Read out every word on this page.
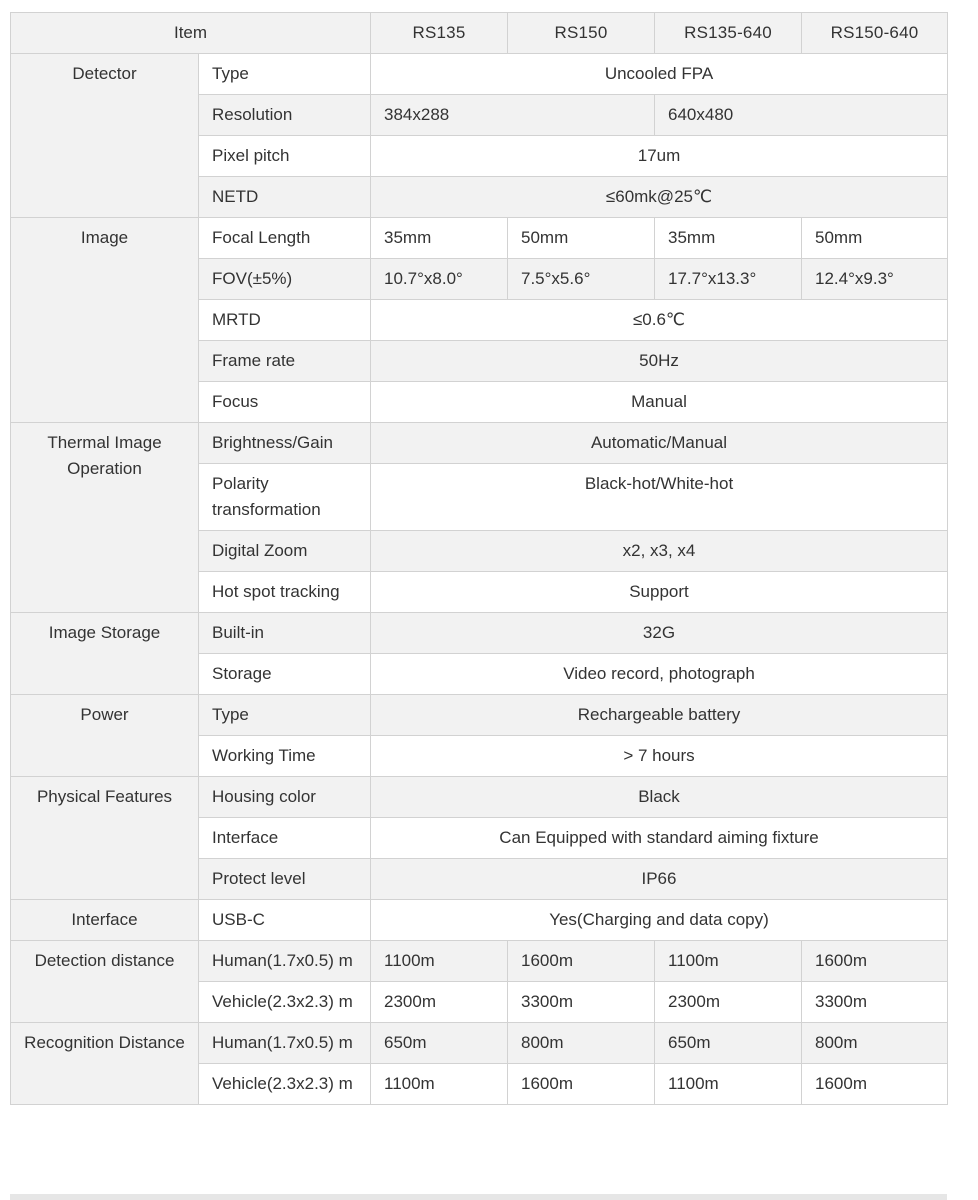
Item		RS135	RS150	RS135-640	RS150-640
Detector	Type	Uncooled FPA			
	Resolution	384x288		640x480	
	Pixel pitch	17um			
	NETD	≤60mk@25℃			
Image	Focal Length	35mm	50mm	35mm	50mm
	FOV(±5%)	10.7°x8.0°	7.5°x5.6°	17.7°x13.3°	12.4°x9.3°
	MRTD	≤0.6℃			
	Frame rate	50Hz			
	Focus	Manual			
Thermal Image Operation	Brightness/Gain	Automatic/Manual			
	Polarity transformation	Black-hot/White-hot			
	Digital Zoom	x2, x3, x4			
	Hot spot tracking	Support			
Image Storage	Built-in	32G			
	Storage	Video record, photograph			
Power	Type	Rechargeable battery			
	Working Time	> 7 hours			
Physical Features	Housing color	Black			
	Interface	Can Equipped with standard aiming fixture			
	Protect level	IP66			
Interface	USB-C	Yes(Charging and data copy)			
Detection distance	Human(1.7x0.5) m	1100m	1600m	1100m	1600m
	Vehicle(2.3x2.3) m	2300m	3300m	2300m	3300m
Recognition Distance	Human(1.7x0.5) m	650m	800m	650m	800m
	Vehicle(2.3x2.3) m	1100m	1600m	1100m	1600m
